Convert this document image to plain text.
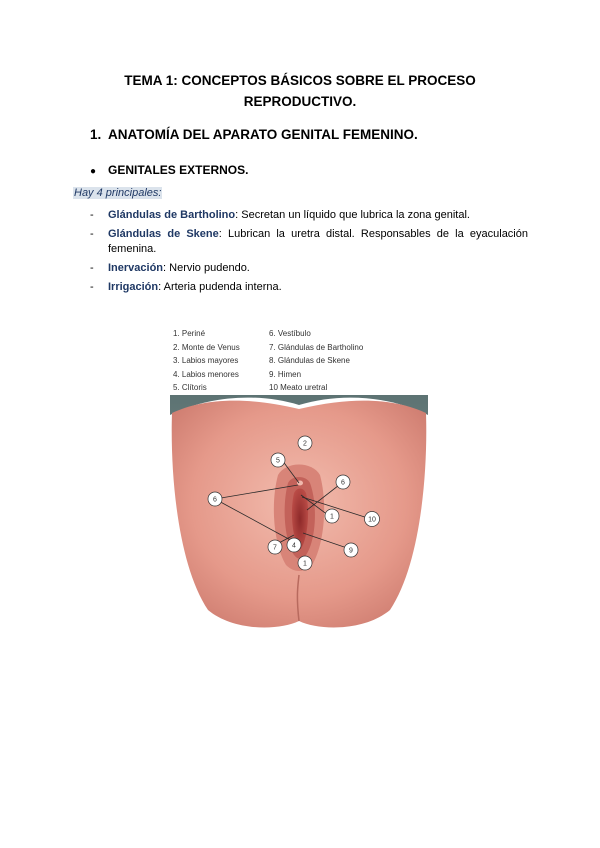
TEMA 1: CONCEPTOS BÁSICOS SOBRE EL PROCESO
REPRODUCTIVO.
1. ANATOMÍA DEL APARATO GENITAL FEMENINO.
● GENITALES EXTERNOS.
Hay 4 principales:
- Glándulas de Bartholino: Secretan un líquido que lubrica la zona genital.
- Glándulas de Skene: Lubrican la uretra distal. Responsables de la eyaculación femenina.
- Inervación: Nervio pudendo.
- Irrigación: Arteria pudenda interna.
1. Periné
2. Monte de Venus
3. Labios mayores
4. Labios menores
5. Clítoris
6. Vestíbulo
7. Glándulas de Bartholino
8. Glándulas de Skene
9. Himen
10 Meato uretral
2
5
6
1
4
6
7	9
10
1
